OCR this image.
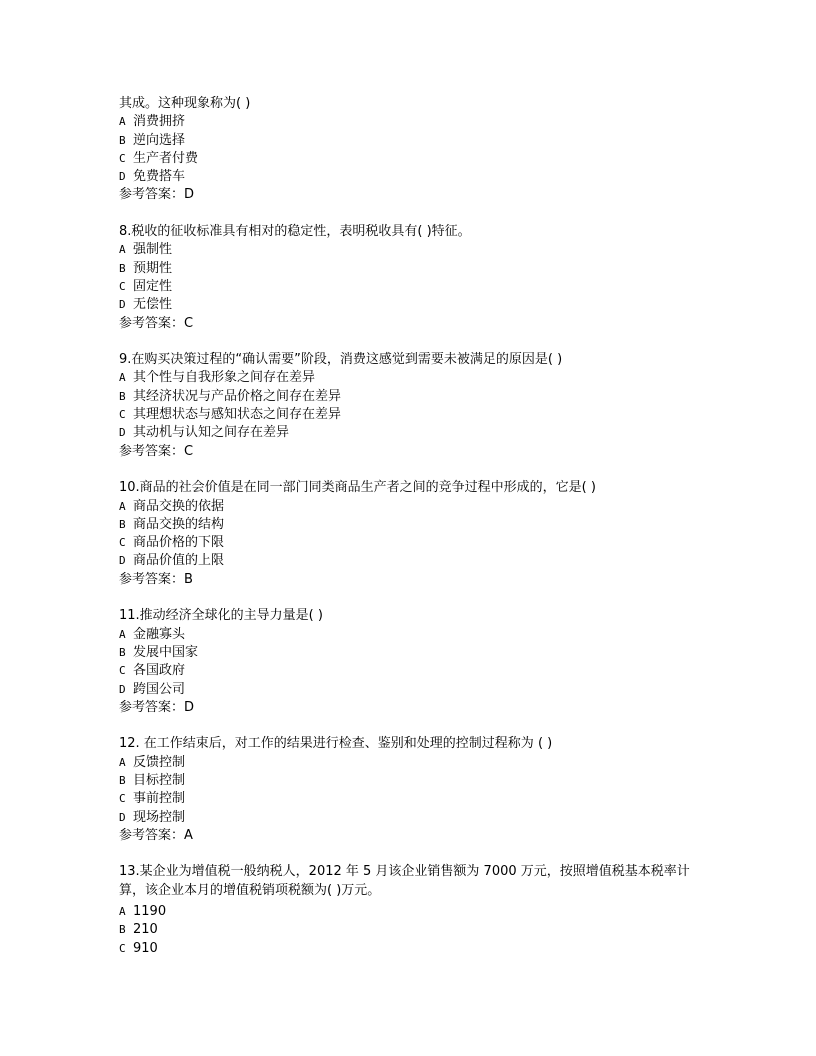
其成。这种现象称为( )
A 消费拥挤
B 逆向选择
C 生产者付费
D 免费搭车
参考答案：D
8.税收的征收标准具有相对的稳定性，表明税收具有( )特征。
A 强制性
B 预期性
C 固定性
D 无偿性
参考答案：C
9.在购买决策过程的“确认需要”阶段，消费这感觉到需要未被满足的原因是( )
A 其个性与自我形象之间存在差异
B 其经济状况与产品价格之间存在差异
C 其理想状态与感知状态之间存在差异
D 其动机与认知之间存在差异
参考答案：C
10.商品的社会价值是在同一部门同类商品生产者之间的竞争过程中形成的，它是( )
A 商品交换的依据
B 商品交换的结构
C 商品价格的下限
D 商品价值的上限
参考答案：B
11.推动经济全球化的主导力量是( )
A 金融寡头
B 发展中国家
C 各国政府
D 跨国公司
参考答案：D
12. 在工作结束后，对工作的结果进行检查、鉴别和处理的控制过程称为 ( )
A 反馈控制
B 目标控制
C 事前控制
D 现场控制
参考答案：A
13.某企业为增值税一般纳税人，2012 年 5 月该企业销售额为 7000 万元，按照增值税基本税率计算，该企业本月的增值税销项税额为( )万元。
A 1190
B 210
C 910
